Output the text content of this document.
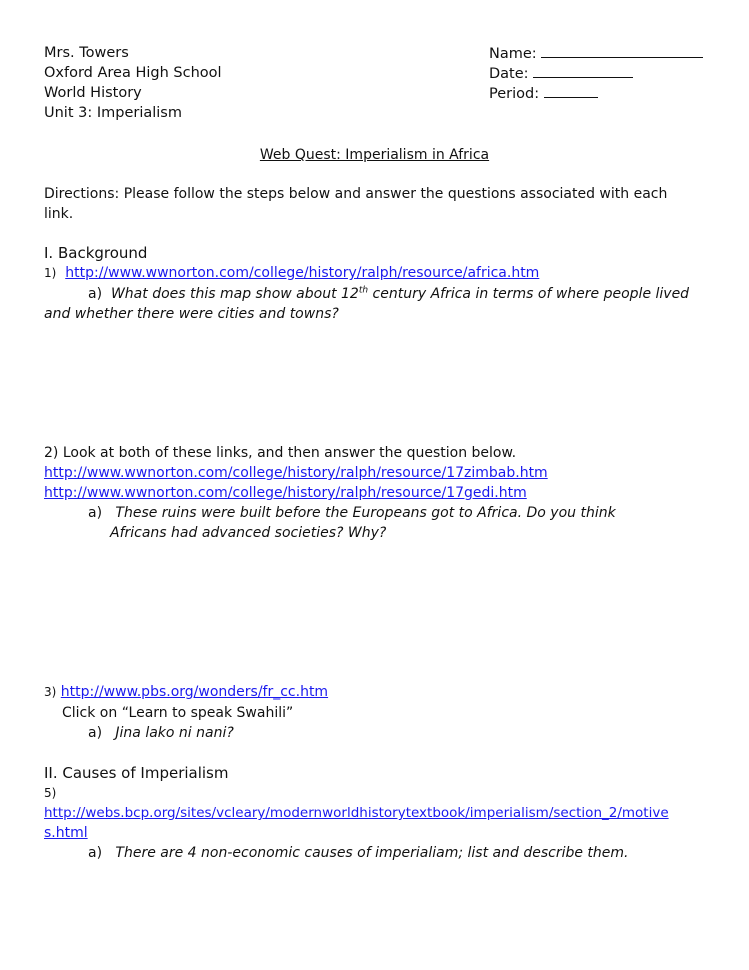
Mrs. Towers
Oxford Area High School
World History
Unit 3: Imperialism
Name:
Date:
Period:
Web Quest: Imperialism in Africa
Directions: Please follow the steps below and answer the questions associated with each
link.
I. Background
1) http://www.wwnorton.com/college/history/ralph/resource/africa.htm
a) What does this map show about 12th century Africa in terms of where people lived
and whether there were cities and towns?
2) Look at both of these links, and then answer the question below.
http://www.wwnorton.com/college/history/ralph/resource/17zimbab.htm
http://www.wwnorton.com/college/history/ralph/resource/17gedi.htm
a) These ruins were built before the Europeans got to Africa. Do you think
Africans had advanced societies? Why?
3) http://www.pbs.org/wonders/fr_cc.htm
Click on “Learn to speak Swahili”
a) Jina lako ni nani?
II. Causes of Imperialism
5)
http://webs.bcp.org/sites/vcleary/modernworldhistorytextbook/imperialism/section_2/motive
s.html
a) There are 4 non-economic causes of imperialiam; list and describe them.
